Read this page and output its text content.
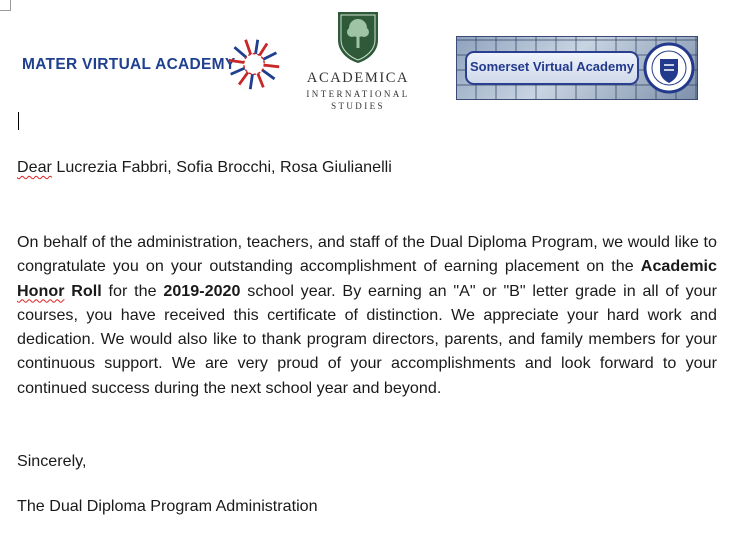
MATER VIRTUAL ACADEMY
ACADEMICA
INTERNATIONAL
STUDIES
Somerset Virtual Academy
Dear Lucrezia Fabbri, Sofia Brocchi, Rosa Giulianelli
On behalf of the administration, teachers, and staff of the Dual Diploma Program, we would like to congratulate you on your outstanding accomplishment of earning placement on the Academic Honor Roll for the 2019-2020 school year. By earning an "A" or "B" letter grade in all of your courses, you have received this certificate of distinction. We appreciate your hard work and dedication. We would also like to thank program directors, parents, and family members for your continuous support. We are very proud of your accomplishments and look forward to your continued success during the next school year and beyond.
Sincerely,
The Dual Diploma Program Administration
